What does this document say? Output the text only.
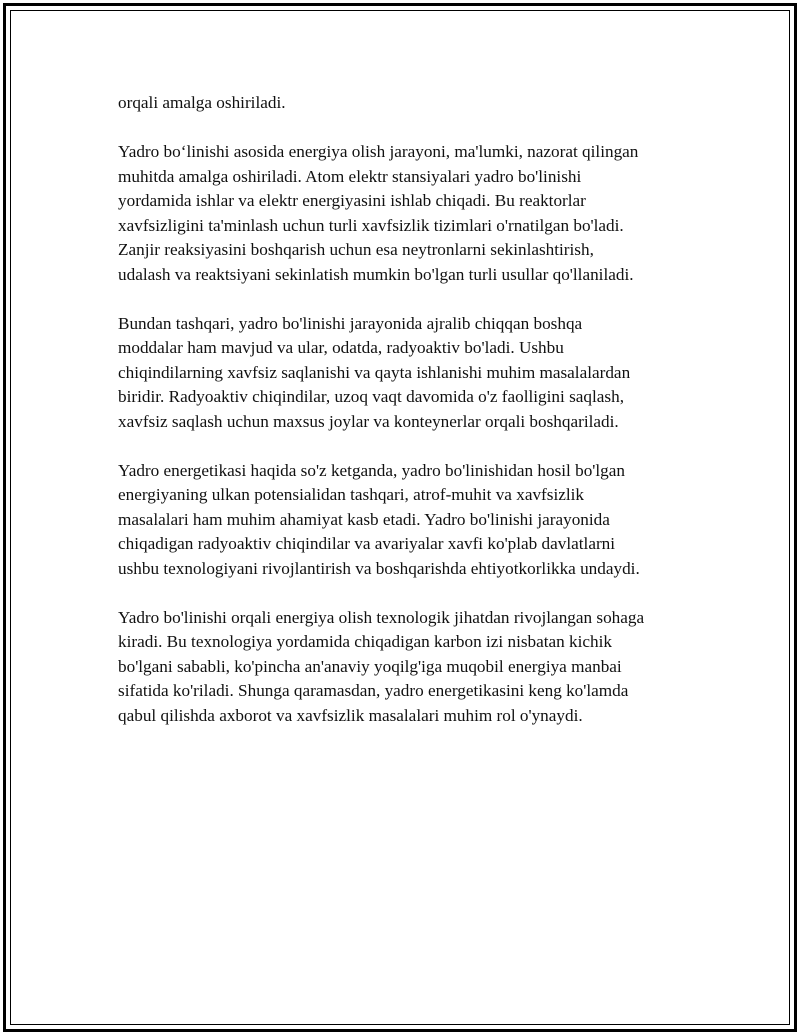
orqali amalga oshiriladi.

Yadro bo‘linishi asosida energiya olish jarayoni, ma'lumki, nazorat qilingan
muhitda amalga oshiriladi. Atom elektr stansiyalari yadro bo'linishi
yordamida ishlar va elektr energiyasini ishlab chiqadi. Bu reaktorlar
xavfsizligini ta'minlash uchun turli xavfsizlik tizimlari o'rnatilgan bo'ladi.
Zanjir reaksiyasini boshqarish uchun esa neytronlarni sekinlashtirish,
udalash va reaktsiyani sekinlatish mumkin bo'lgan turli usullar qo'llaniladi.

Bundan tashqari, yadro bo'linishi jarayonida ajralib chiqqan boshqa
moddalar ham mavjud va ular, odatda, radyoaktiv bo'ladi. Ushbu
chiqindilarning xavfsiz saqlanishi va qayta ishlanishi muhim masalalardan
biridir. Radyoaktiv chiqindilar, uzoq vaqt davomida o'z faolligini saqlash,
xavfsiz saqlash uchun maxsus joylar va konteynerlar orqali boshqariladi.

Yadro energetikasi haqida so'z ketganda, yadro bo'linishidan hosil bo'lgan
energiyaning ulkan potensialidan tashqari, atrof-muhit va xavfsizlik
masalalari ham muhim ahamiyat kasb etadi. Yadro bo'linishi jarayonida
chiqadigan radyoaktiv chiqindilar va avariyalar xavfi ko'plab davlatlarni
ushbu texnologiyani rivojlantirish va boshqarishda ehtiyotkorlikka undaydi.

Yadro bo'linishi orqali energiya olish texnologik jihatdan rivojlangan sohaga
kiradi. Bu texnologiya yordamida chiqadigan karbon izi nisbatan kichik
bo'lgani sababli, ko'pincha an'anaviy yoqilg'iga muqobil energiya manbai
sifatida ko'riladi. Shunga qaramasdan, yadro energetikasini keng ko'lamda
qabul qilishda axborot va xavfsizlik masalalari muhim rol o'ynaydi.
